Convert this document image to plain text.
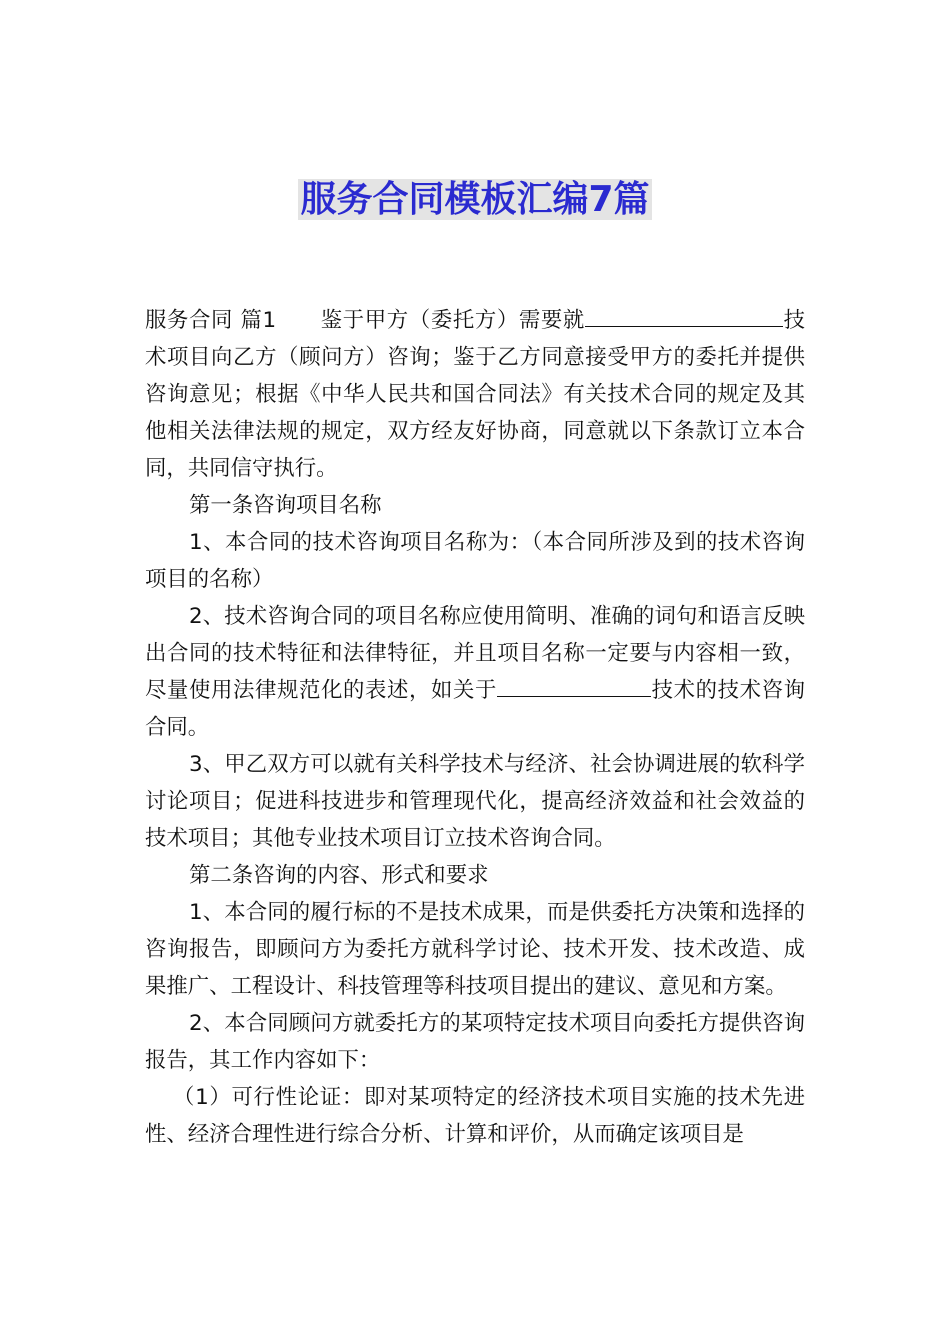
服务合同模板汇编7篇

服务合同 篇1 鉴于甲方（委托方）需要就	技术项目向乙方（顾问方）咨询；鉴于乙方同意接受甲方的委托并提供咨询意见；根据《中华人民共和国合同法》有关技术合同的规定及其他相关法律法规的规定，双方经友好协商，同意就以下条款订立本合同，共同信守执行。

第一条咨询项目名称

1、本合同的技术咨询项目名称为：（本合同所涉及到的技术咨询项目的名称）

2、技术咨询合同的项目名称应使用简明、准确的词句和语言反映出合同的技术特征和法律特征，并且项目名称一定要与内容相一致，尽量使用法律规范化的表述，如关于	技术的技术咨询合同。

3、甲乙双方可以就有关科学技术与经济、社会协调进展的软科学讨论项目；促进科技进步和管理现代化，提高经济效益和社会效益的技术项目；其他专业技术项目订立技术咨询合同。

第二条咨询的内容、形式和要求

1、本合同的履行标的不是技术成果，而是供委托方决策和选择的咨询报告，即顾问方为委托方就科学讨论、技术开发、技术改造、成果推广、工程设计、科技管理等科技项目提出的建议、意见和方案。

2、本合同顾问方就委托方的某项特定技术项目向委托方提供咨询报告，其工作内容如下：

（1）可行性论证：即对某项特定的经济技术项目实施的技术先进性、经济合理性进行综合分析、计算和评价，从而确定该项目是
